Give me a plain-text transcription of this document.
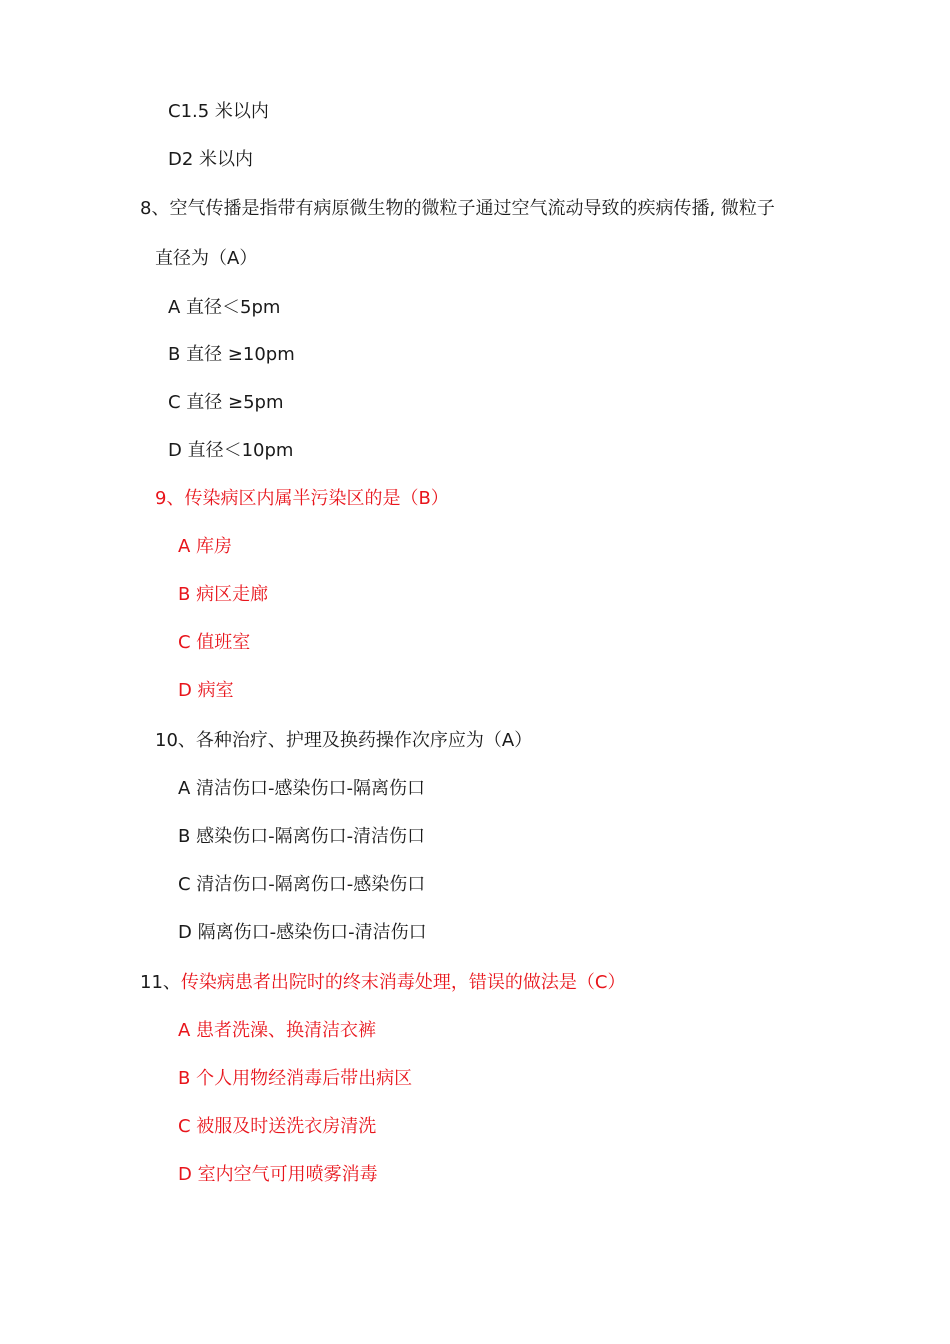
C1.5 米以内
D2 米以内
8、空气传播是指带有病原微生物的微粒子通过空气流动导致的疾病传播, 微粒子
直径为（A）
A 直径＜5pm
B 直径 ≥10pm
C 直径 ≥5pm
D 直径＜10pm
9、传染病区内属半污染区的是（B）
A 库房
B 病区走廊
C 值班室
D 病室
10、各种治疗、护理及换药操作次序应为（A）
A 清洁伤口-感染伤口-隔离伤口
B 感染伤口-隔离伤口-清洁伤口
C 清洁伤口-隔离伤口-感染伤口
D 隔离伤口-感染伤口-清洁伤口
11、传染病患者出院时的终末消毒处理，错误的做法是（C）
A 患者洗澡、换清洁衣裤
B 个人用物经消毒后带出病区
C 被服及时送洗衣房清洗
D 室内空气可用喷雾消毒
